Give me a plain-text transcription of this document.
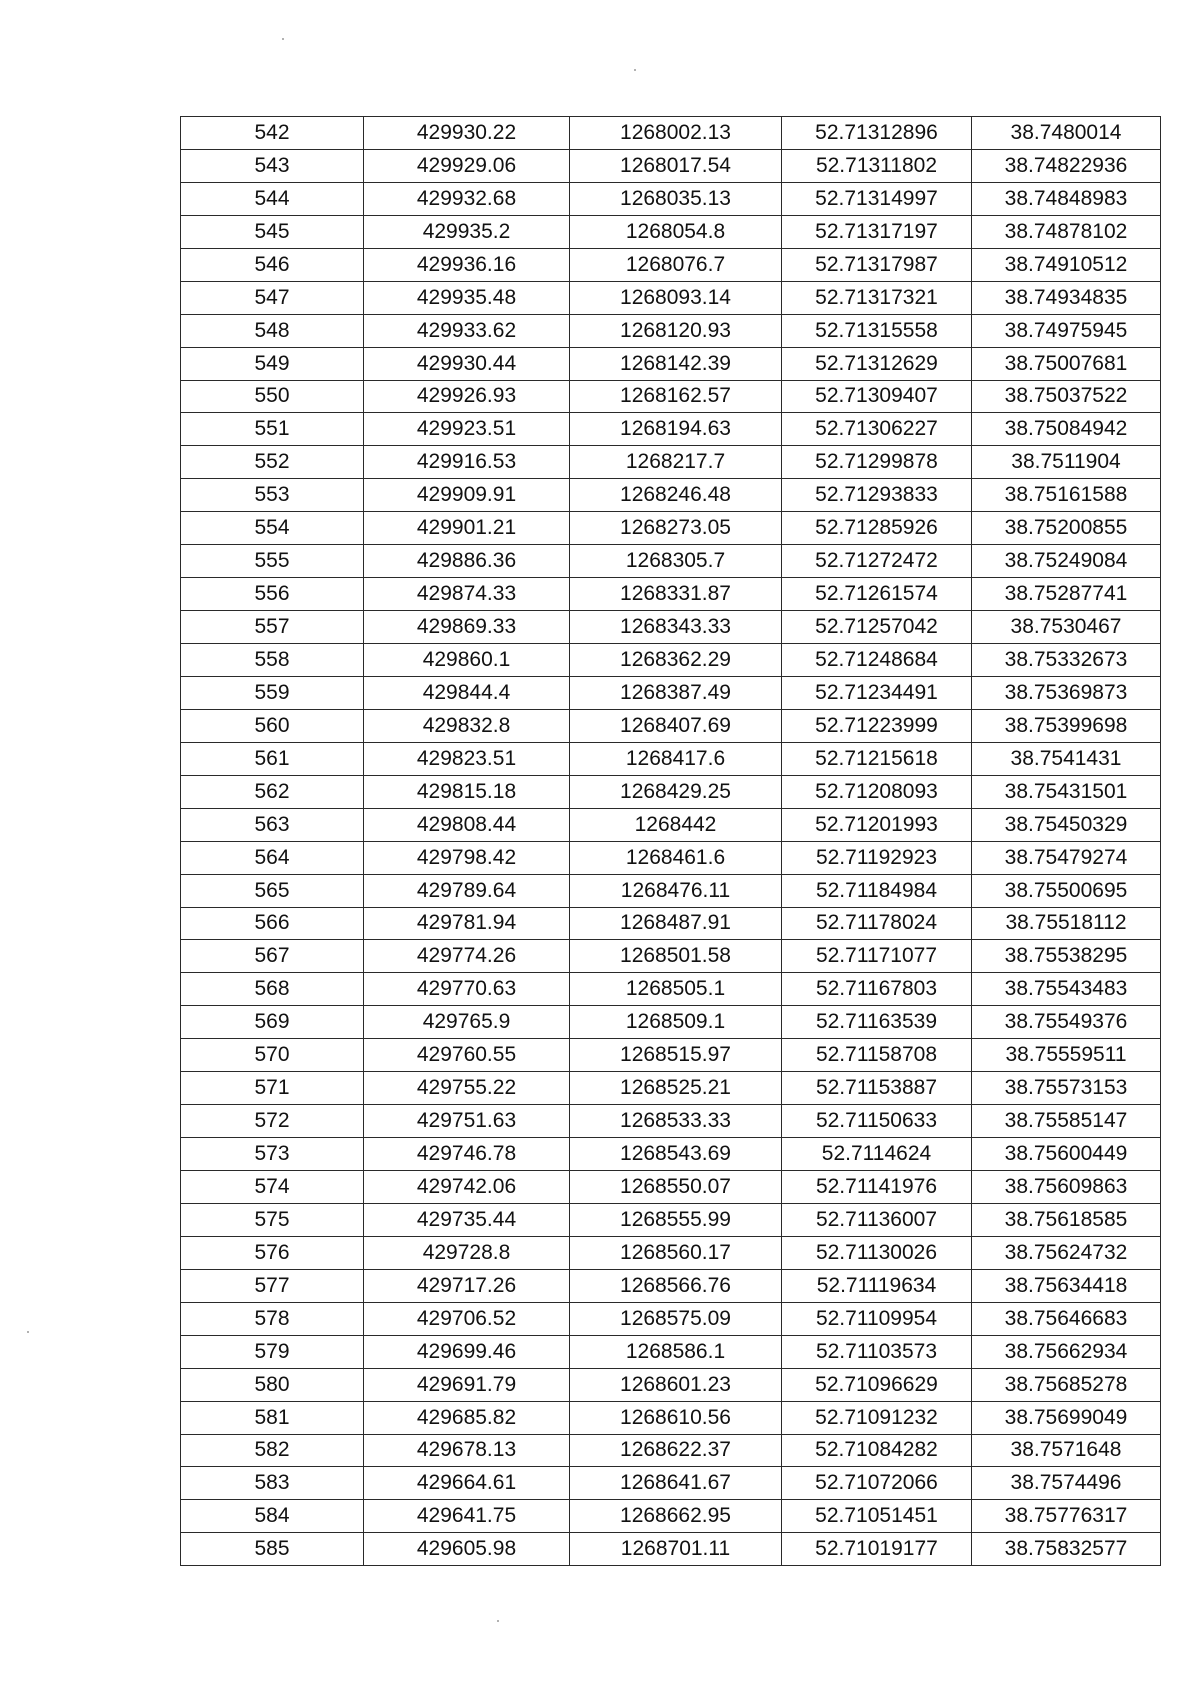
542	429930.22	1268002.13	52.71312896	38.7480014
543	429929.06	1268017.54	52.71311802	38.74822936
544	429932.68	1268035.13	52.71314997	38.74848983
545	429935.2	1268054.8	52.71317197	38.74878102
546	429936.16	1268076.7	52.71317987	38.74910512
547	429935.48	1268093.14	52.71317321	38.74934835
548	429933.62	1268120.93	52.71315558	38.74975945
549	429930.44	1268142.39	52.71312629	38.75007681
550	429926.93	1268162.57	52.71309407	38.75037522
551	429923.51	1268194.63	52.71306227	38.75084942
552	429916.53	1268217.7	52.71299878	38.7511904
553	429909.91	1268246.48	52.71293833	38.75161588
554	429901.21	1268273.05	52.71285926	38.75200855
555	429886.36	1268305.7	52.71272472	38.75249084
556	429874.33	1268331.87	52.71261574	38.75287741
557	429869.33	1268343.33	52.71257042	38.7530467
558	429860.1	1268362.29	52.71248684	38.75332673
559	429844.4	1268387.49	52.71234491	38.75369873
560	429832.8	1268407.69	52.71223999	38.75399698
561	429823.51	1268417.6	52.71215618	38.7541431
562	429815.18	1268429.25	52.71208093	38.75431501
563	429808.44	1268442	52.71201993	38.75450329
564	429798.42	1268461.6	52.71192923	38.75479274
565	429789.64	1268476.11	52.71184984	38.75500695
566	429781.94	1268487.91	52.71178024	38.75518112
567	429774.26	1268501.58	52.71171077	38.75538295
568	429770.63	1268505.1	52.71167803	38.75543483
569	429765.9	1268509.1	52.71163539	38.75549376
570	429760.55	1268515.97	52.71158708	38.75559511
571	429755.22	1268525.21	52.71153887	38.75573153
572	429751.63	1268533.33	52.71150633	38.75585147
573	429746.78	1268543.69	52.7114624	38.75600449
574	429742.06	1268550.07	52.71141976	38.75609863
575	429735.44	1268555.99	52.71136007	38.75618585
576	429728.8	1268560.17	52.71130026	38.75624732
577	429717.26	1268566.76	52.71119634	38.75634418
578	429706.52	1268575.09	52.71109954	38.75646683
579	429699.46	1268586.1	52.71103573	38.75662934
580	429691.79	1268601.23	52.71096629	38.75685278
581	429685.82	1268610.56	52.71091232	38.75699049
582	429678.13	1268622.37	52.71084282	38.7571648
583	429664.61	1268641.67	52.71072066	38.7574496
584	429641.75	1268662.95	52.71051451	38.75776317
585	429605.98	1268701.11	52.71019177	38.75832577
